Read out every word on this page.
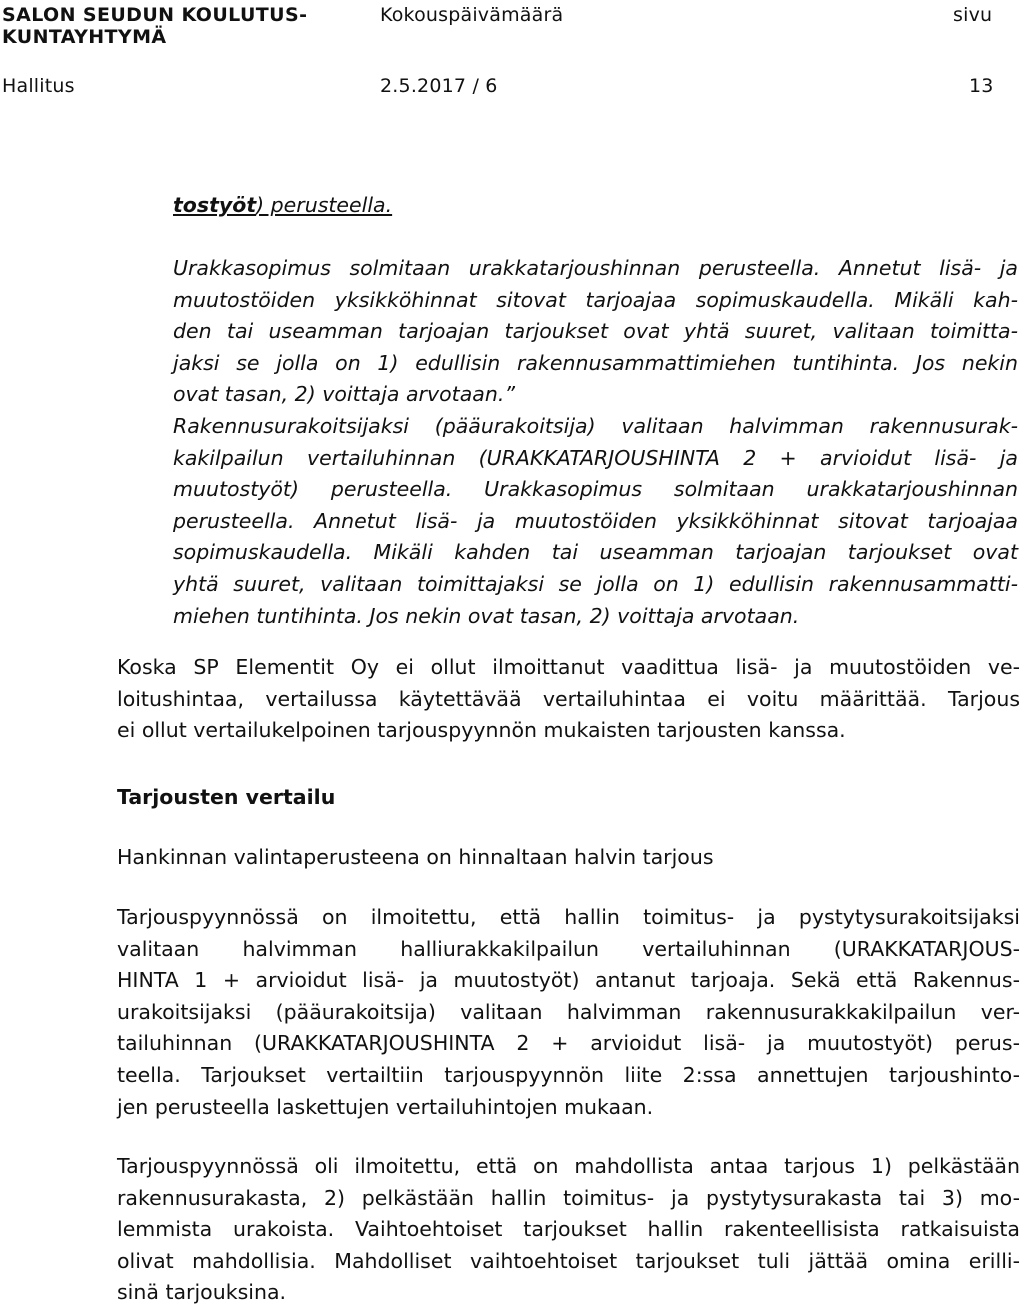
SALON SEUDUN KOULUTUS-
KUNTAYHTYMÄ
Kokouspäivämäärä	sivu
Hallitus	2.5.2017 / 6	13
tostyöt) perusteella.
Urakkasopimus solmitaan urakkatarjoushinnan perusteella. Annetut lisä- ja
muutostöiden yksikköhinnat sitovat tarjoajaa sopimuskaudella. Mikäli kah-
den tai useamman tarjoajan tarjoukset ovat yhtä suuret, valitaan toimitta-
jaksi se jolla on 1) edullisin rakennusammattimiehen tuntihinta. Jos nekin
ovat tasan, 2) voittaja arvotaan.”
Rakennusurakoitsijaksi (pääurakoitsija) valitaan halvimman rakennusurak-
kakilpailun vertailuhinnan (URAKKATARJOUSHINTA 2 + arvioidut lisä- ja
muutostyöt) perusteella. Urakkasopimus solmitaan urakkatarjoushinnan
perusteella. Annetut lisä- ja muutostöiden yksikköhinnat sitovat tarjoajaa
sopimuskaudella. Mikäli kahden tai useamman tarjoajan tarjoukset ovat
yhtä suuret, valitaan toimittajaksi se jolla on 1) edullisin rakennusammatti-
miehen tuntihinta. Jos nekin ovat tasan, 2) voittaja arvotaan.
Koska SP Elementit Oy ei ollut ilmoittanut vaadittua lisä- ja muutostöiden ve-
loitushintaa, vertailussa käytettävää vertailuhintaa ei voitu määrittää. Tarjous
ei ollut vertailukelpoinen tarjouspyynnön mukaisten tarjousten kanssa.
Tarjousten vertailu
Hankinnan valintaperusteena on hinnaltaan halvin tarjous
Tarjouspyynnössä on ilmoitettu, että hallin toimitus- ja pystytysurakoitsijaksi
valitaan halvimman halliurakkakilpailun vertailuhinnan (URAKKATARJOUS-
HINTA 1 + arvioidut lisä- ja muutostyöt) antanut tarjoaja. Sekä että Rakennus-
urakoitsijaksi (pääurakoitsija) valitaan halvimman rakennusurakkakilpailun ver-
tailuhinnan (URAKKATARJOUSHINTA 2 + arvioidut lisä- ja muutostyöt) perus-
teella. Tarjoukset vertailtiin tarjouspyynnön liite 2:ssa annettujen tarjoushinto-
jen perusteella laskettujen vertailuhintojen mukaan.
Tarjouspyynnössä oli ilmoitettu, että on mahdollista antaa tarjous 1) pelkästään
rakennusurakasta, 2) pelkästään hallin toimitus- ja pystytysurakasta tai 3) mo-
lemmista urakoista. Vaihtoehtoiset tarjoukset hallin rakenteellisista ratkaisuista
olivat mahdollisia. Mahdolliset vaihtoehtoiset tarjoukset tuli jättää omina erilli-
sinä tarjouksina.
